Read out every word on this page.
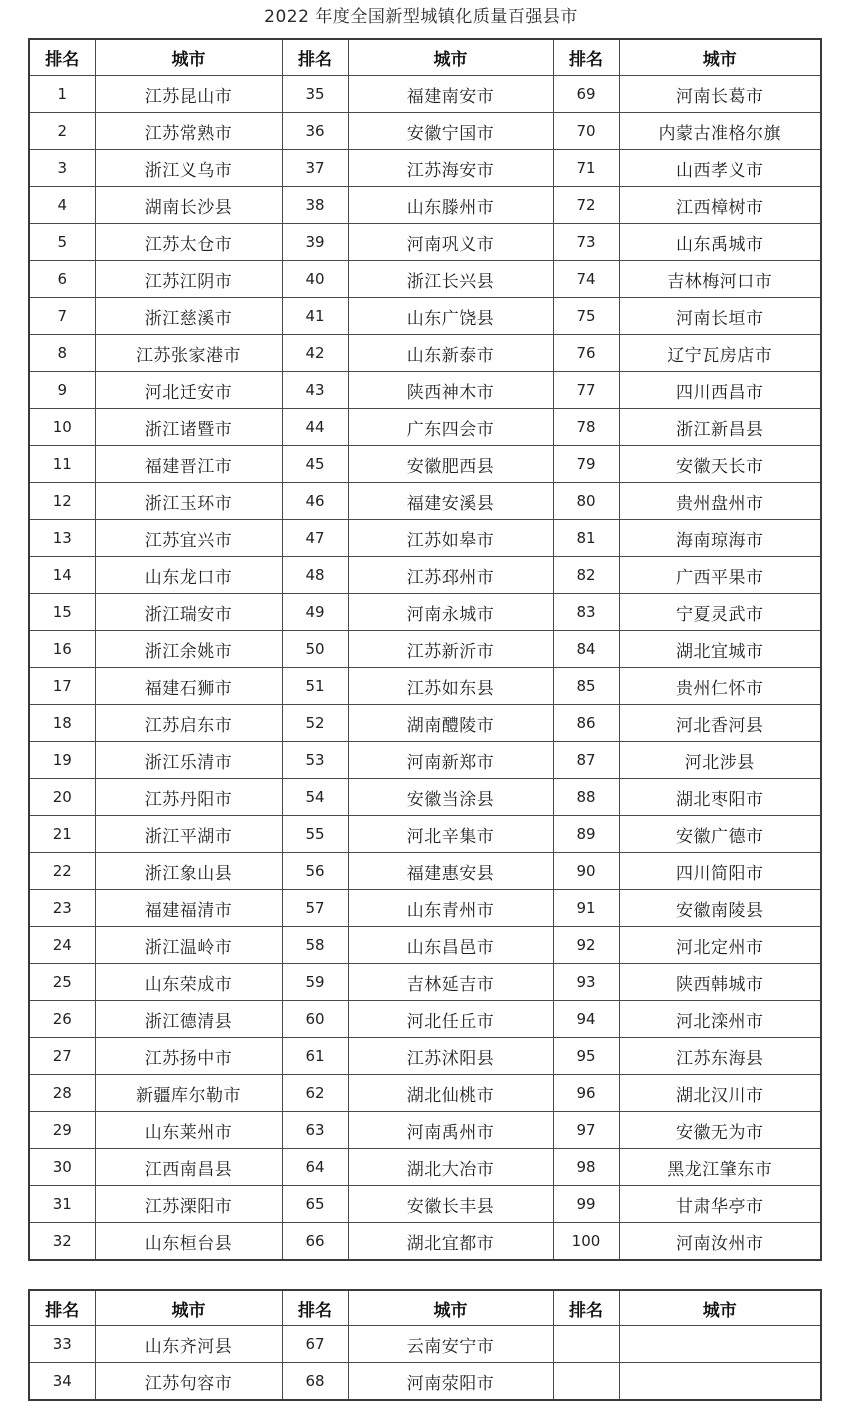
2022 年度全国新型城镇化质量百强县市
排名	城市	排名	城市	排名	城市
1	江苏昆山市	35	福建南安市	69	河南长葛市
2	江苏常熟市	36	安徽宁国市	70	内蒙古准格尔旗
3	浙江义乌市	37	江苏海安市	71	山西孝义市
4	湖南长沙县	38	山东滕州市	72	江西樟树市
5	江苏太仓市	39	河南巩义市	73	山东禹城市
6	江苏江阴市	40	浙江长兴县	74	吉林梅河口市
7	浙江慈溪市	41	山东广饶县	75	河南长垣市
8	江苏张家港市	42	山东新泰市	76	辽宁瓦房店市
9	河北迁安市	43	陕西神木市	77	四川西昌市
10	浙江诸暨市	44	广东四会市	78	浙江新昌县
11	福建晋江市	45	安徽肥西县	79	安徽天长市
12	浙江玉环市	46	福建安溪县	80	贵州盘州市
13	江苏宜兴市	47	江苏如皋市	81	海南琼海市
14	山东龙口市	48	江苏邳州市	82	广西平果市
15	浙江瑞安市	49	河南永城市	83	宁夏灵武市
16	浙江余姚市	50	江苏新沂市	84	湖北宜城市
17	福建石狮市	51	江苏如东县	85	贵州仁怀市
18	江苏启东市	52	湖南醴陵市	86	河北香河县
19	浙江乐清市	53	河南新郑市	87	河北涉县
20	江苏丹阳市	54	安徽当涂县	88	湖北枣阳市
21	浙江平湖市	55	河北辛集市	89	安徽广德市
22	浙江象山县	56	福建惠安县	90	四川简阳市
23	福建福清市	57	山东青州市	91	安徽南陵县
24	浙江温岭市	58	山东昌邑市	92	河北定州市
25	山东荣成市	59	吉林延吉市	93	陕西韩城市
26	浙江德清县	60	河北任丘市	94	河北滦州市
27	江苏扬中市	61	江苏沭阳县	95	江苏东海县
28	新疆库尔勒市	62	湖北仙桃市	96	湖北汉川市
29	山东莱州市	63	河南禹州市	97	安徽无为市
30	江西南昌县	64	湖北大冶市	98	黑龙江肇东市
31	江苏溧阳市	65	安徽长丰县	99	甘肃华亭市
32	山东桓台县	66	湖北宜都市	100	河南汝州市
排名	城市	排名	城市	排名	城市
33	山东齐河县	67	云南安宁市		
34	江苏句容市	68	河南荥阳市		
